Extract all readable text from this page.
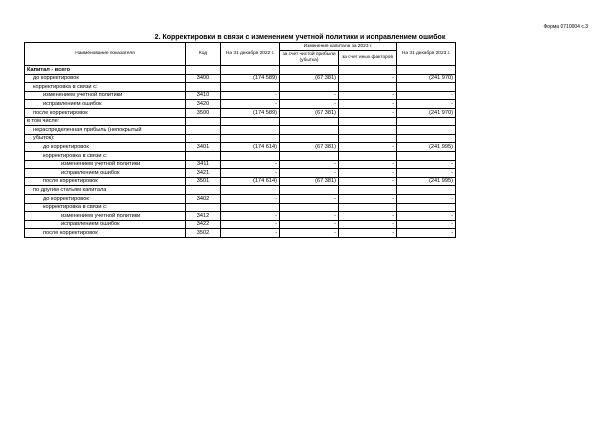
Форма 0710004 с.3
2. Корректировки в связи с изменением учетной политики и исправлением ошибок
Наименование показателя	Код	На 31 декабря 2022 г.	Изменения капитала за 2023 г.		На 31 декабря 2023 г.
			за счет чистой прибыли (убытка)	за счет иных факторов	
Капитал - всего					
до корректировок	3400	(174 589)	(67 381)	-	(241 970)
корректировка в связи с:					
изменением учетной политики	3410	-	-	-	-
исправлением ошибок	3420	-	-	-	-
после корректировок	3500	(174 589)	(67 381)	-	(241 970)
в том числе:					
нераспределенная прибыль (непокрытый					
убыток):					
до корректировок	3401	(174 614)	(67 381)	-	(241 995)
корректировка в связи с:					
изменением учетной политики	3411	-	-	-	-
исправлением ошибок	3421	-	-	-	-
после корректировок	3501	(174 614)	(67 381)	-	(241 995)
по другим статьям капитала					
до корректировок	3402	-	-	-	-
корректировка в связи с:					
изменением учетной политики	3412	-	-	-	-
исправлением ошибок	3422	-	-	-	-
после корректировок	3502	-	-	-	-
